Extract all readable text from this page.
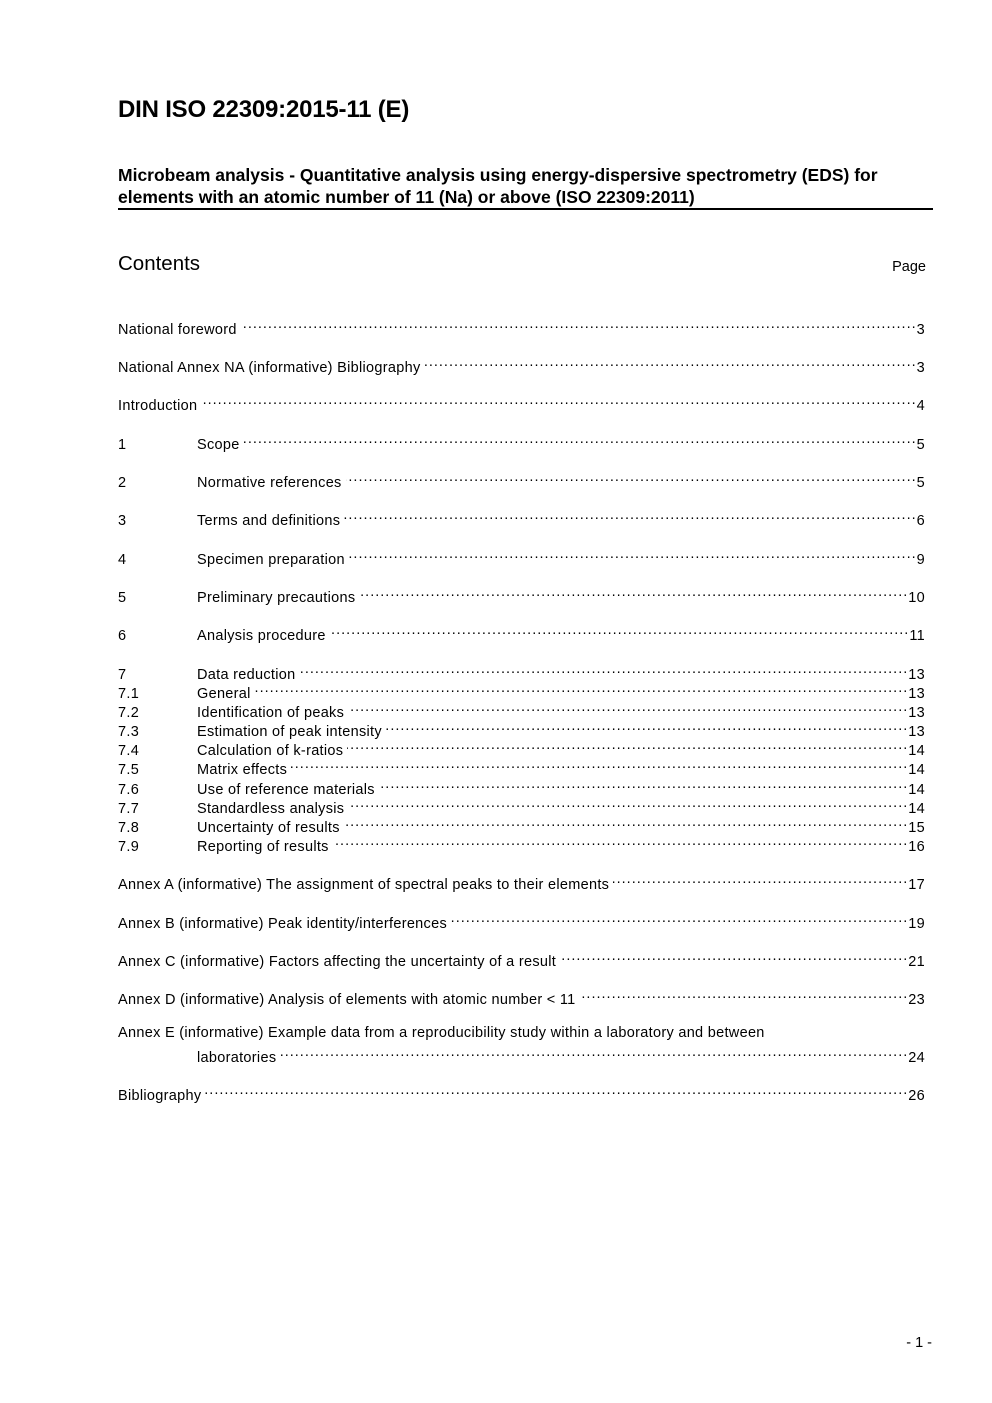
DIN ISO 22309:2015-11 (E)
Microbeam analysis - Quantitative analysis using energy-dispersive spectrometry (EDS) for elements with an atomic number of 11 (Na) or above (ISO 22309:2011)
Contents	Page
National foreword .....	3
National Annex NA (informative) Bibliography .....	3
Introduction .....	4
1	Scope .....	5
2	Normative references .....	5
3	Terms and definitions .....	6
4	Specimen preparation .....	9
5	Preliminary precautions .....	10
6	Analysis procedure .....	11
7	Data reduction .....	13
7.1	General .....	13
7.2	Identification of peaks .....	13
7.3	Estimation of peak intensity .....	13
7.4	Calculation of k-ratios .....	14
7.5	Matrix effects .....	14
7.6	Use of reference materials .....	14
7.7	Standardless analysis .....	14
7.8	Uncertainty of results .....	15
7.9	Reporting of results .....	16
Annex A (informative) The assignment of spectral peaks to their elements .....	17
Annex B (informative) Peak identity/interferences .....	19
Annex C (informative) Factors affecting the uncertainty of a result .....	21
Annex D (informative) Analysis of elements with atomic number < 11 .....	23
Annex E (informative) Example data from a reproducibility study within a laboratory and between
laboratories .....	24
Bibliography .....	26
- 1 -
